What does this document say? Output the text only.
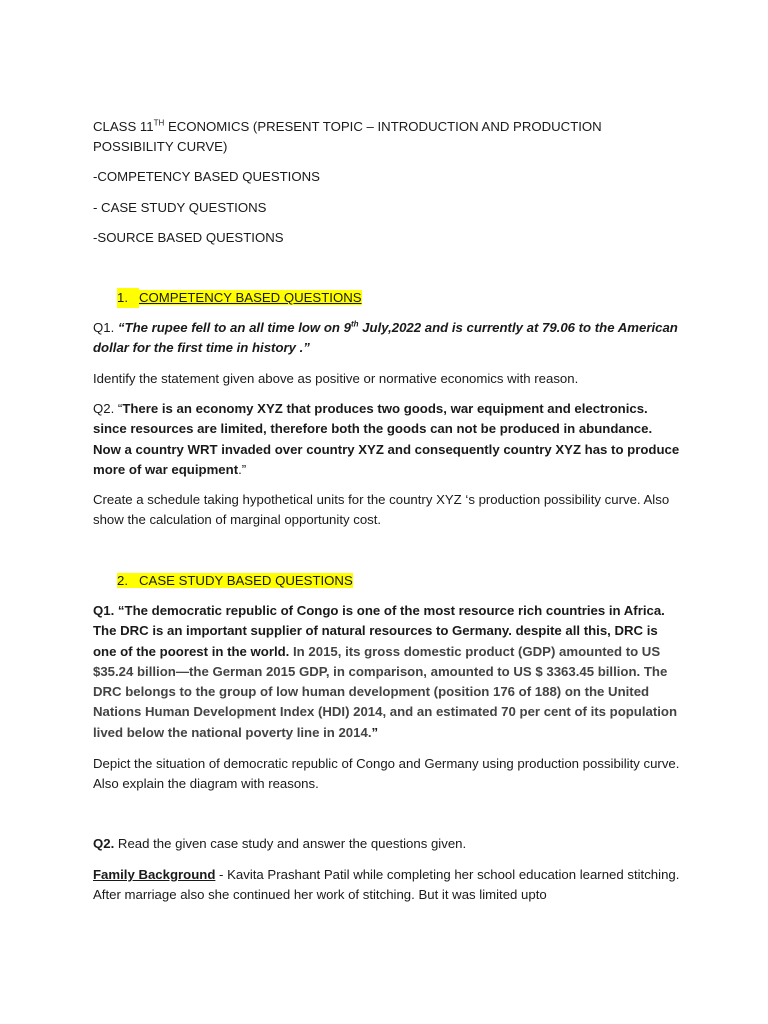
CLASS 11TH ECONOMICS (PRESENT TOPIC – INTRODUCTION AND PRODUCTION POSSIBILITY CURVE)
-COMPETENCY BASED QUESTIONS
- CASE STUDY QUESTIONS
-SOURCE BASED QUESTIONS
1. COMPETENCY BASED QUESTIONS
Q1. “The rupee fell to an all time low on 9th July,2022 and is currently at 79.06 to the American dollar for the first time in history .”
Identify the statement given above as positive or normative economics with reason.
Q2. “There is an economy XYZ that produces two goods, war equipment and electronics. since resources are limited, therefore both the goods can not be produced in abundance. Now a country WRT invaded over country XYZ and consequently country XYZ has to produce more of war equipment.”
Create a schedule taking hypothetical units for the country XYZ ‘s production possibility curve. Also show the calculation of marginal opportunity cost.
2. CASE STUDY BASED QUESTIONS
Q1. “The democratic republic of Congo is one of the most resource rich countries in Africa. The DRC is an important supplier of natural resources to Germany. despite all this, DRC is one of the poorest in the world. In 2015, its gross domestic product (GDP) amounted to US $35.24 billion—the German 2015 GDP, in comparison, amounted to US $ 3363.45 billion. The DRC belongs to the group of low human development (position 176 of 188) on the United Nations Human Development Index (HDI) 2014, and an estimated 70 per cent of its population lived below the national poverty line in 2014.”
Depict the situation of democratic republic of Congo and Germany using production possibility curve. Also explain the diagram with reasons.
Q2. Read the given case study and answer the questions given.
Family Background - Kavita Prashant Patil while completing her school education learned stitching. After marriage also she continued her work of stitching. But it was limited upto
